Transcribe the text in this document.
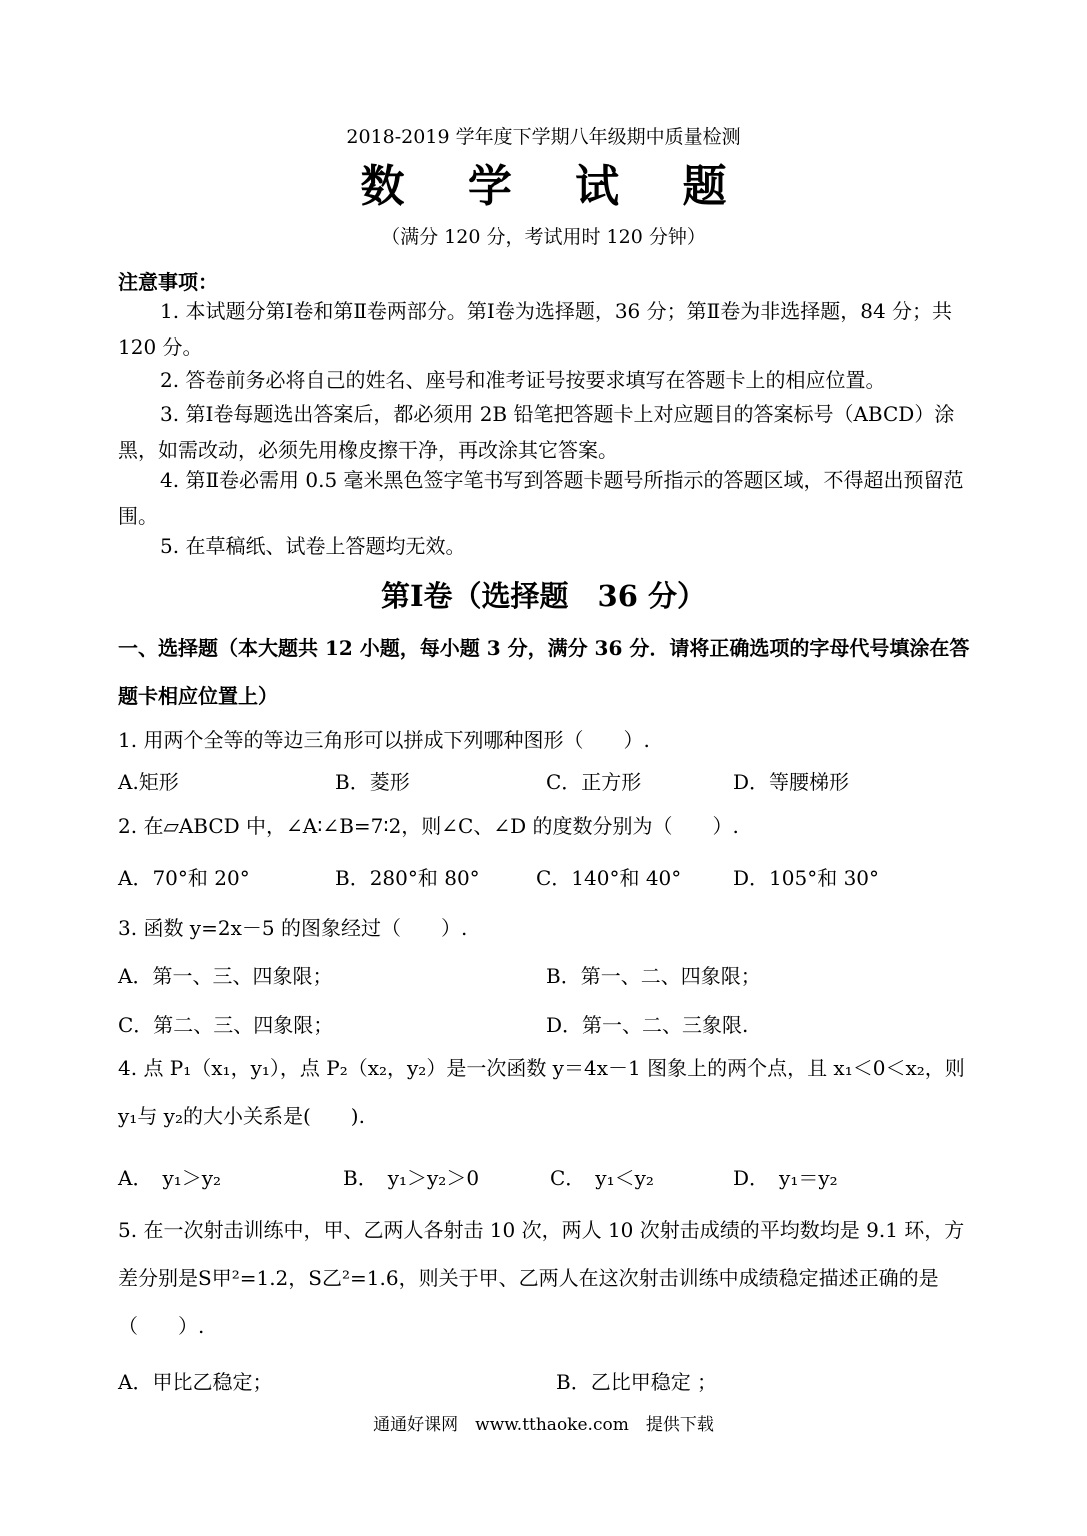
2018-2019 学年度下学期八年级期中质量检测
数 学 试 题
（满分 120 分，考试用时 120 分钟）
注意事项：
1. 本试题分第Ⅰ卷和第Ⅱ卷两部分。第Ⅰ卷为选择题，36 分；第Ⅱ卷为非选择题，84 分；共 120 分。
2. 答卷前务必将自己的姓名、座号和准考证号按要求填写在答题卡上的相应位置。
3. 第Ⅰ卷每题选出答案后，都必须用 2B 铅笔把答题卡上对应题目的答案标号（ABCD）涂黑，如需改动，必须先用橡皮擦干净，再改涂其它答案。
4. 第Ⅱ卷必需用 0.5 毫米黑色签字笔书写到答题卡题号所指示的答题区域，不得超出预留范围。
5. 在草稿纸、试卷上答题均无效。
第Ⅰ卷（选择题　36 分）
一、选择题（本大题共 12 小题，每小题 3 分，满分 36 分．请将正确选项的字母代号填涂在答题卡相应位置上）
1. 用两个全等的等边三角形可以拼成下列哪种图形（　　）.
A.矩形	B．菱形	C．正方形	D．等腰梯形
2. 在▱ABCD 中，∠A∶∠B=7∶2，则∠C、∠D 的度数分别为（　　）.
A．70°和 20°	B．280°和 80°	C．140°和 40°	D．105°和 30°
3. 函数 y=2x－5 的图象经过（　　）.
A．第一、三、四象限；	B．第一、二、四象限；
C．第二、三、四象限；	D．第一、二、三象限.
4. 点 P₁（x₁，y₁），点 P₂（x₂，y₂）是一次函数 y＝4x－1 图象上的两个点，且 x₁＜0＜x₂，则 y₁与 y₂的大小关系是(　　).
A．　y₁＞y₂	B．　y₁＞y₂＞0	C．　y₁＜y₂	D．　y₁＝y₂
5. 在一次射击训练中，甲、乙两人各射击 10 次，两人 10 次射击成绩的平均数均是 9.1 环，方差分别是S甲²=1.2，S乙²=1.6，则关于甲、乙两人在这次射击训练中成绩稳定描述正确的是（　　）.
A．甲比乙稳定；	B．乙比甲稳定 ；
通通好课网　www.tthaoke.com　提供下载
